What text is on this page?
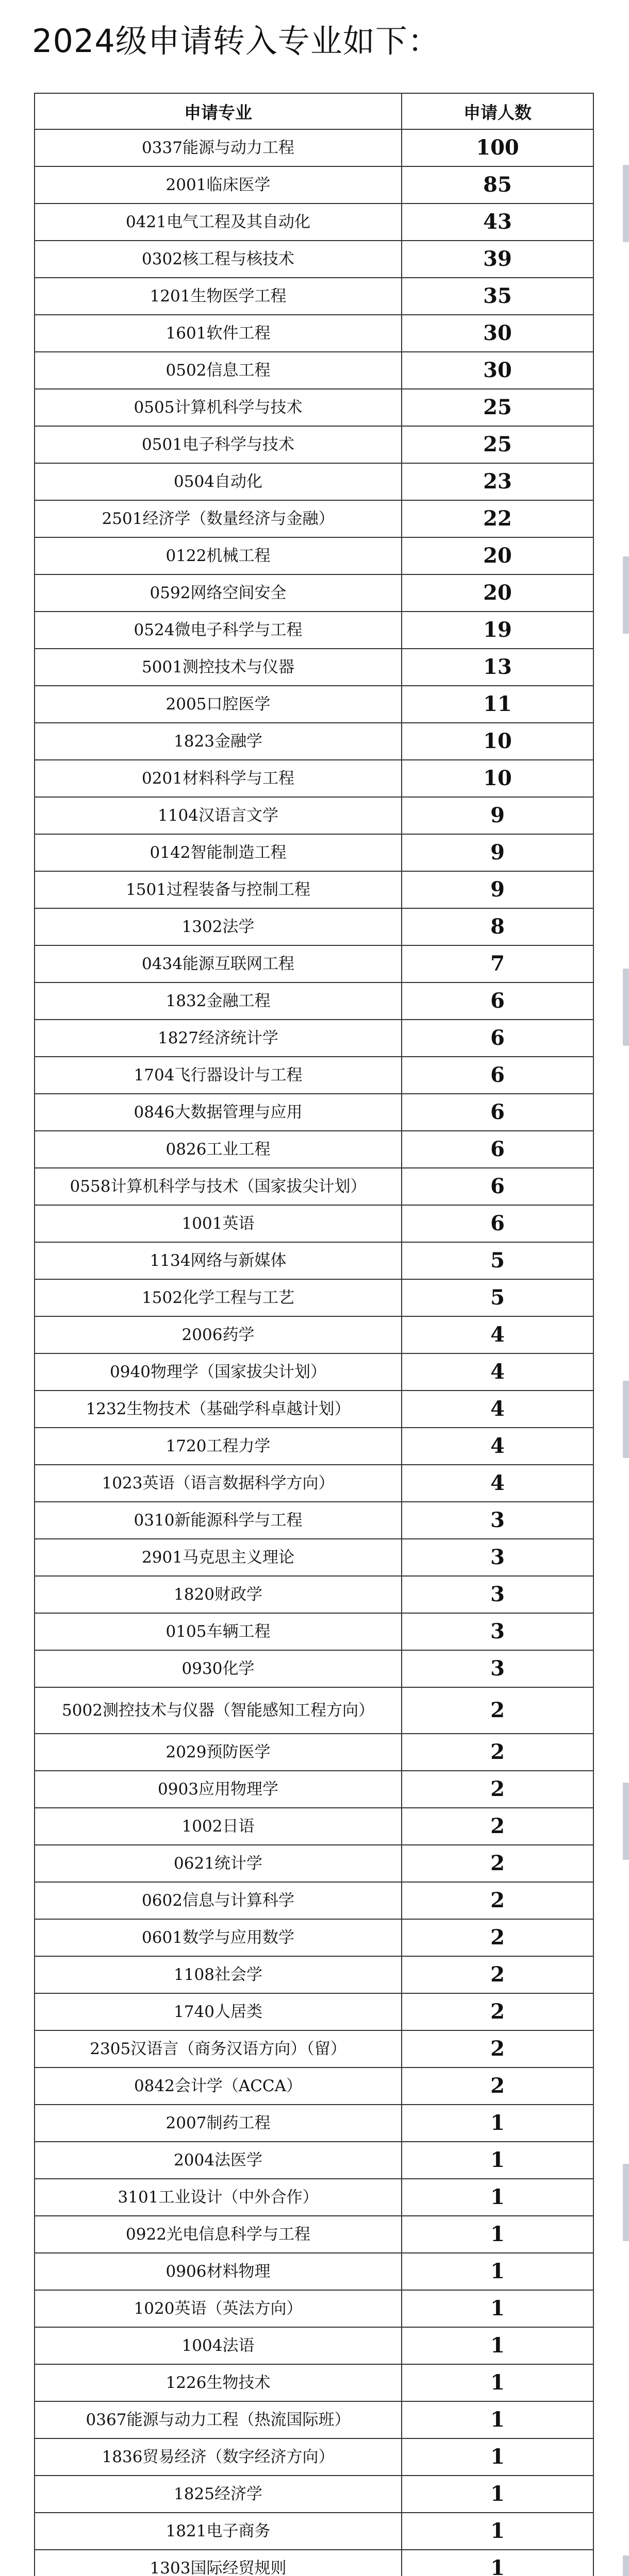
2024级申请转入专业如下：
申请专业	申请人数
0337能源与动力工程	100
2001临床医学	85
0421电气工程及其自动化	43
0302核工程与核技术	39
1201生物医学工程	35
1601软件工程	30
0502信息工程	30
0505计算机科学与技术	25
0501电子科学与技术	25
0504自动化	23
2501经济学（数量经济与金融）	22
0122机械工程	20
0592网络空间安全	20
0524微电子科学与工程	19
5001测控技术与仪器	13
2005口腔医学	11
1823金融学	10
0201材料科学与工程	10
1104汉语言文学	9
0142智能制造工程	9
1501过程装备与控制工程	9
1302法学	8
0434能源互联网工程	7
1832金融工程	6
1827经济统计学	6
1704飞行器设计与工程	6
0846大数据管理与应用	6
0826工业工程	6
0558计算机科学与技术（国家拔尖计划）	6
1001英语	6
1134网络与新媒体	5
1502化学工程与工艺	5
2006药学	4
0940物理学（国家拔尖计划）	4
1232生物技术（基础学科卓越计划）	4
1720工程力学	4
1023英语（语言数据科学方向）	4
0310新能源科学与工程	3
2901马克思主义理论	3
1820财政学	3
0105车辆工程	3
0930化学	3
5002测控技术与仪器（智能感知工程方向）	2
2029预防医学	2
0903应用物理学	2
1002日语	2
0621统计学	2
0602信息与计算科学	2
0601数学与应用数学	2
1108社会学	2
1740人居类	2
2305汉语言（商务汉语方向）（留）	2
0842会计学（ACCA）	2
2007制药工程	1
2004法医学	1
3101工业设计（中外合作）	1
0922光电信息科学与工程	1
0906材料物理	1
1020英语（英法方向）	1
1004法语	1
1226生物技术	1
0367能源与动力工程（热流国际班）	1
1836贸易经济（数字经济方向）	1
1825经济学	1
1821电子商务	1
1303国际经贸规则	1
